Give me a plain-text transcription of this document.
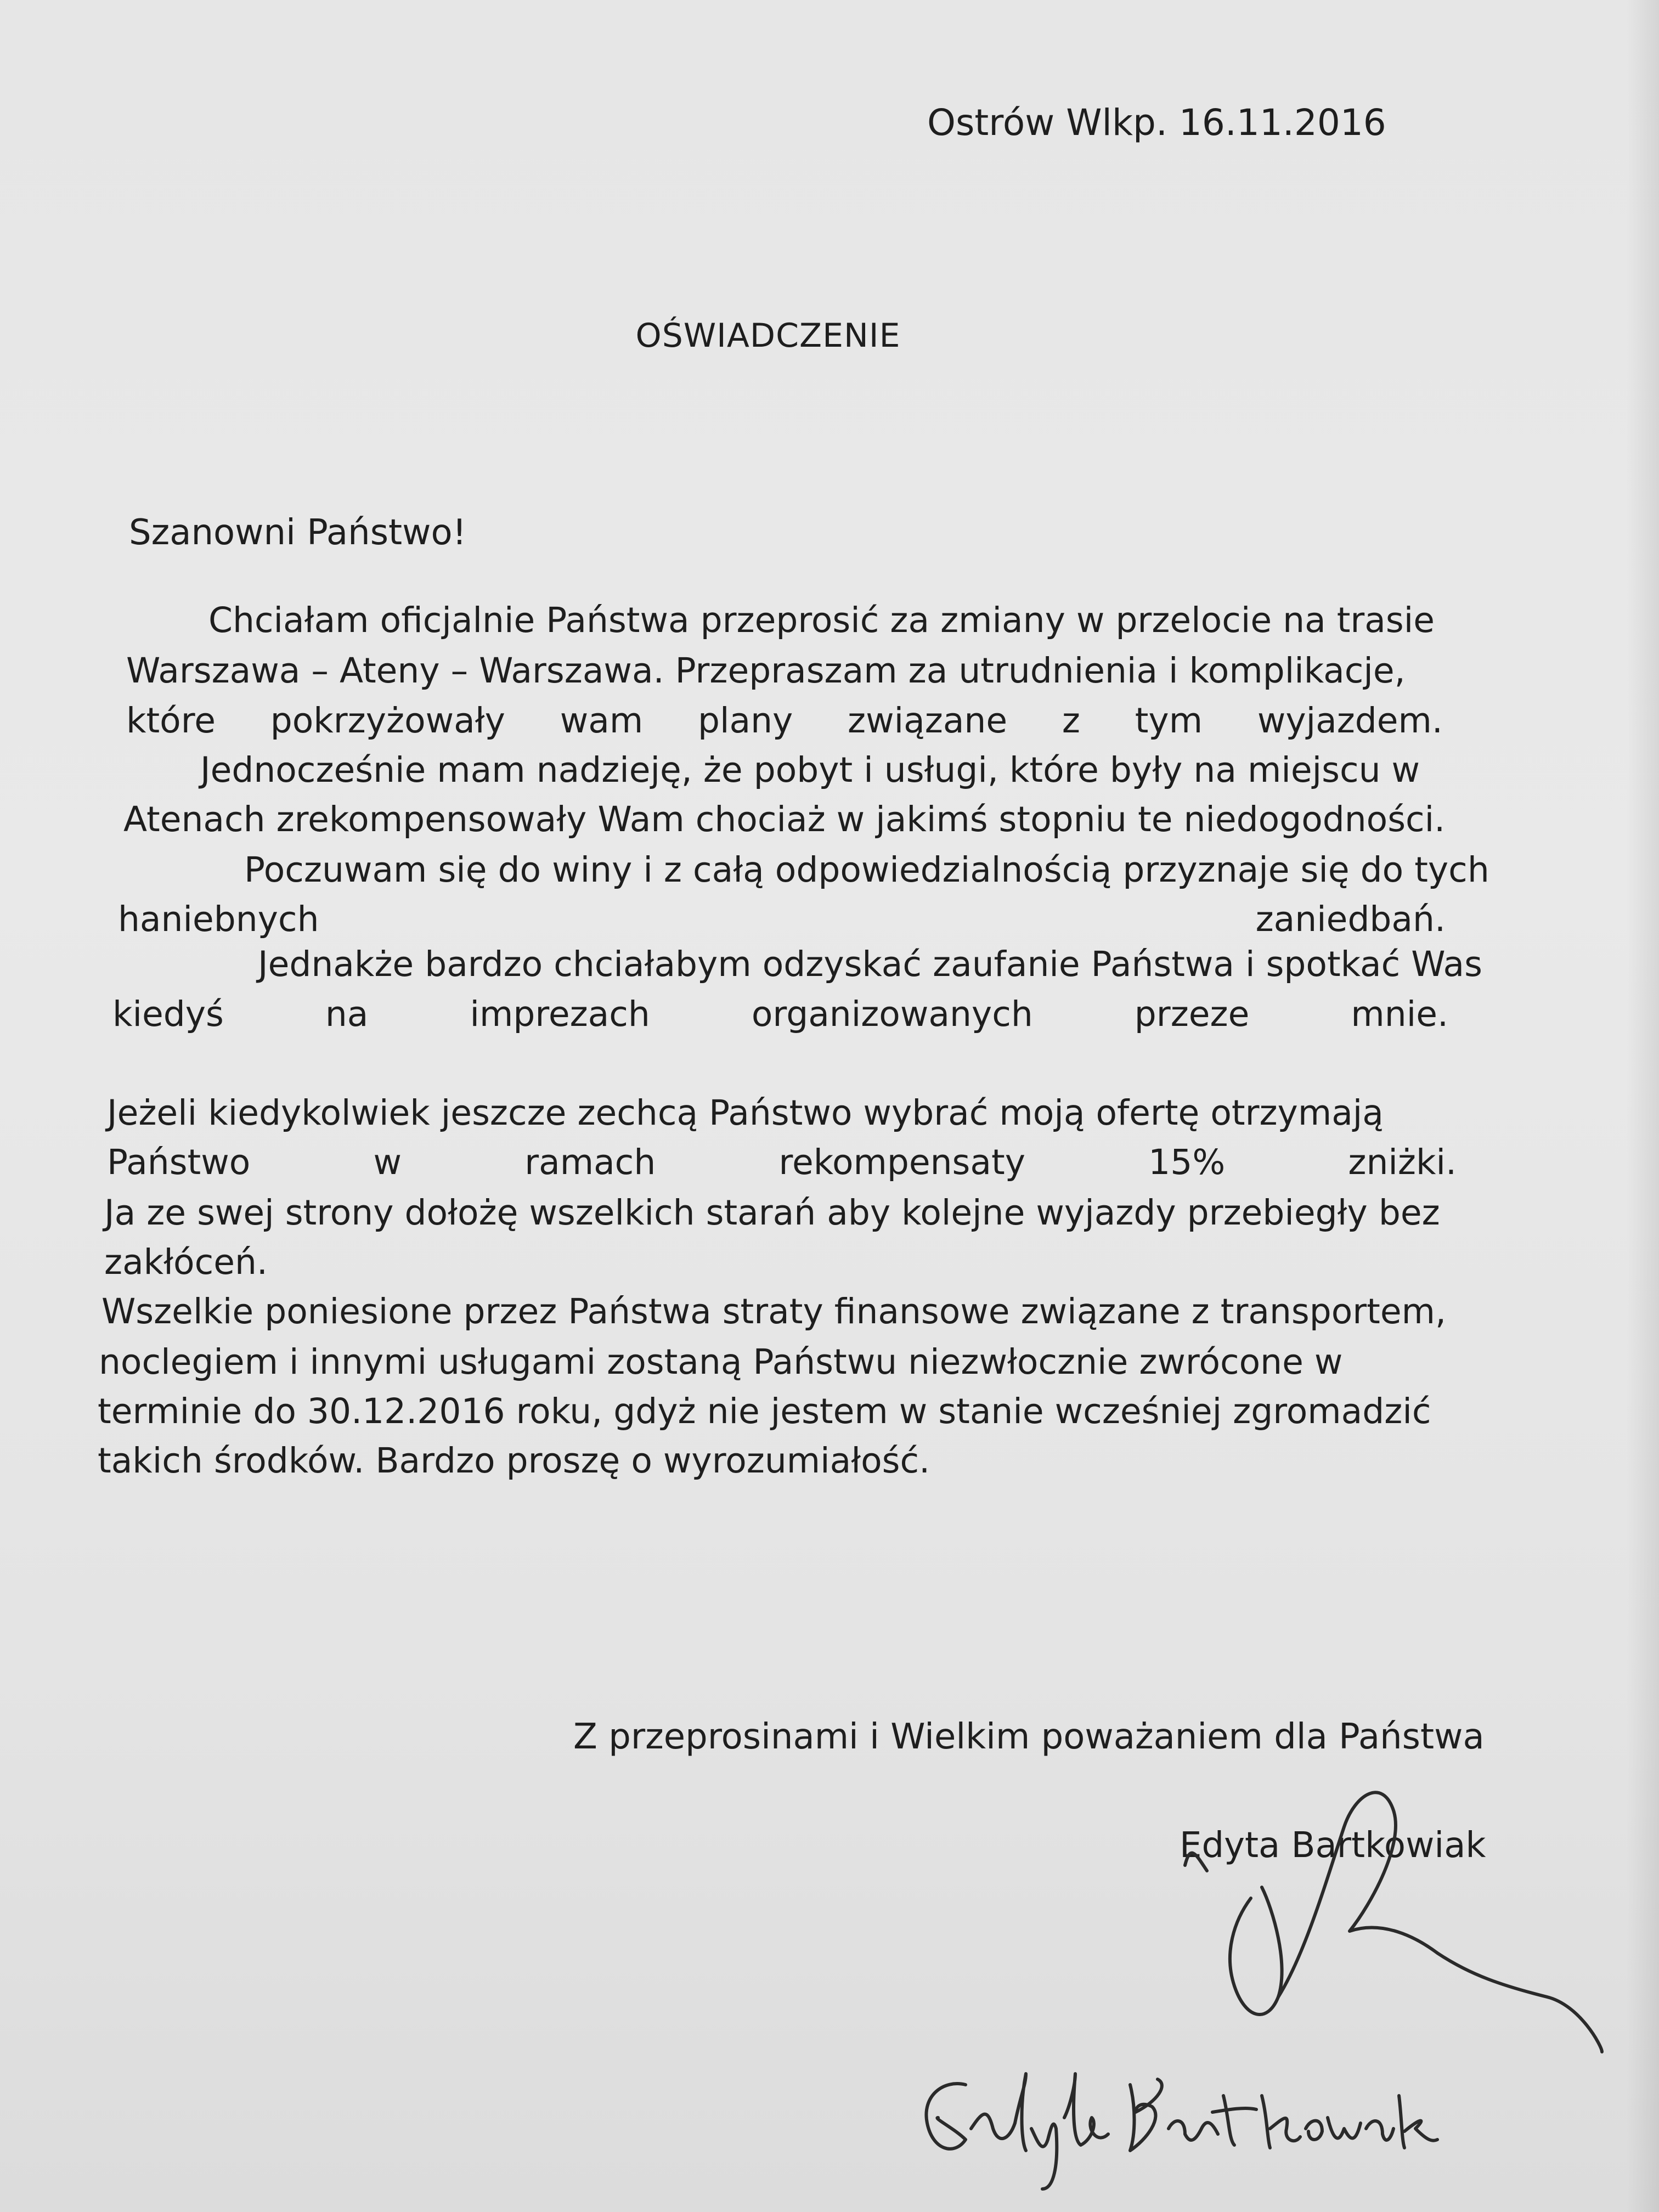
Ostrów Wlkp. 16.11.2016

OŚWIADCZENIE

Szanowni Państwo!

Chciałam oficjalnie Państwa przeprosić za zmiany w przelocie na trasie

Warszawa – Ateny – Warszawa. Przepraszam za utrudnienia i komplikacje,

które pokrzyżowały wam plany związane z tym wyjazdem.

Jednocześnie mam nadzieję, że pobyt i usługi, które były na miejscu w

Atenach zrekompensowały Wam chociaż w jakimś stopniu te niedogodności.

Poczuwam się do winy i z całą odpowiedzialnością przyznaje się do tych

haniebnych	zaniedbań.

Jednakże bardzo chciałabym odzyskać zaufanie Państwa i spotkać Was

kiedyś	na	imprezach	organizowanych	przeze	mnie.

Jeżeli kiedykolwiek jeszcze zechcą Państwo wybrać moją ofertę otrzymają

Państwo	w	ramach	rekompensaty	15%	zniżki.

Ja ze swej strony dołożę wszelkich starań aby kolejne wyjazdy przebiegły bez

zakłóceń.

Wszelkie poniesione przez Państwa straty finansowe związane z transportem,

noclegiem i innymi usługami zostaną Państwu niezwłocznie zwrócone w

terminie do 30.12.2016 roku, gdyż nie jestem w stanie wcześniej zgromadzić

takich środków. Bardzo proszę o wyrozumiałość.

Z przeprosinami i Wielkim poważaniem dla Państwa

Edyta Bartkowiak
